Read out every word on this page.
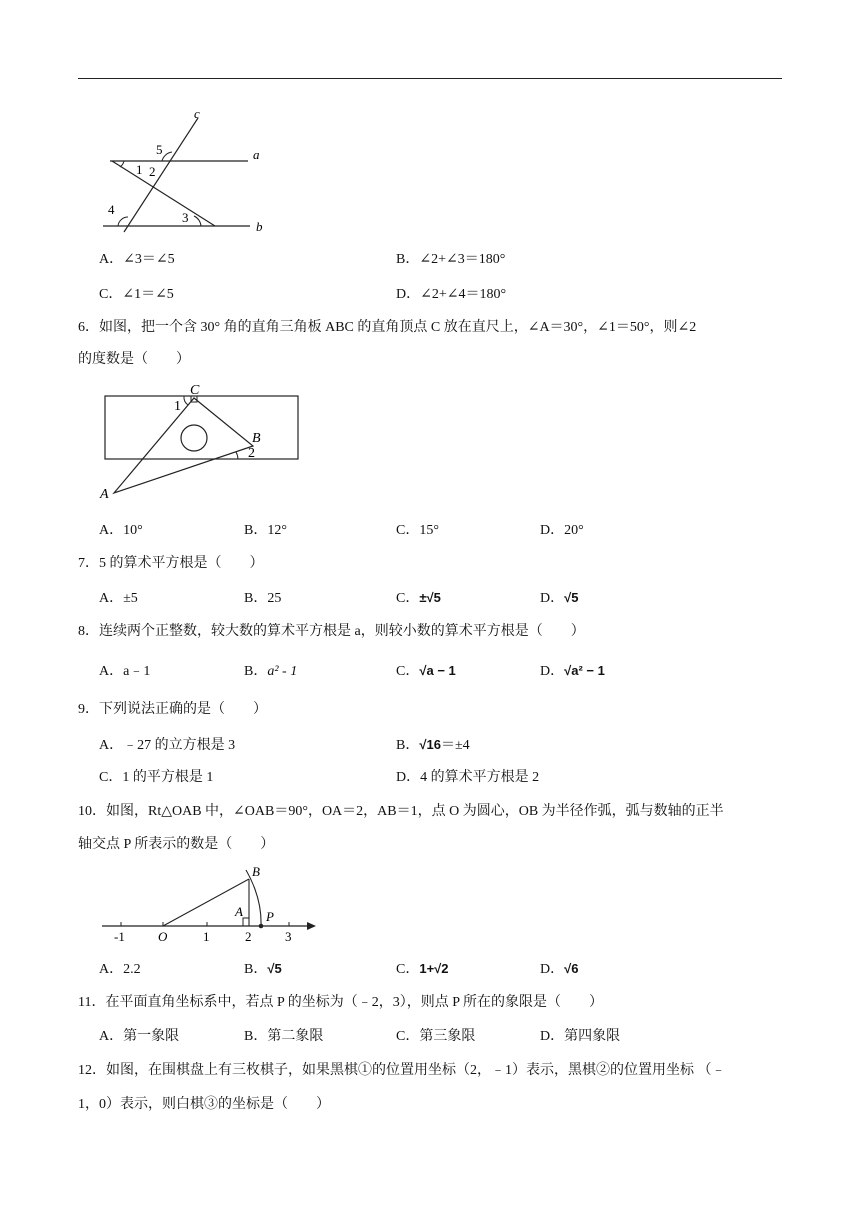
c
a
b
5
1 2
4
3
A．∠3＝∠5	B．∠2+∠3＝180°
C．∠1＝∠5	D．∠2+∠4＝180°
6．如图，把一个含 30° 角的直角三角板 ABC 的直角顶点 C 放在直尺上，∠A＝30°，∠1＝50°，则∠2
的度数是（　　）
C
B
A
1
2
A．10°	B．12°	C．15°	D．20°
7．5 的算术平方根是（　　）
A．±5	B．25	C．±√5	D．√5
8．连续两个正整数，较大数的算术平方根是 a，则较小数的算术平方根是（　　）
A．a﹣1	B．a² - 1	C．√a − 1	D．√a² − 1
9．下列说法正确的是（　　）
A．﹣27 的立方根是 3	B．√16＝±4
C．1 的平方根是 1	D．4 的算术平方根是 2
10．如图，Rt△OAB 中，∠OAB＝90°，OA＝2，AB＝1，点 O 为圆心，OB 为半径作弧，弧与数轴的正半
轴交点 P 所表示的数是（　　）
B
A P
-1	O	1	2	3
A．2.2	B．√5	C．1+√2	D．√6
11．在平面直角坐标系中，若点 P 的坐标为（﹣2，3），则点 P 所在的象限是（　　）
A．第一象限	B．第二象限	C．第三象限	D．第四象限
12．如图，在围棋盘上有三枚棋子，如果黑棋①的位置用坐标（2，﹣1）表示，黑棋②的位置用坐标 （﹣
1，0）表示，则白棋③的坐标是（　　）
